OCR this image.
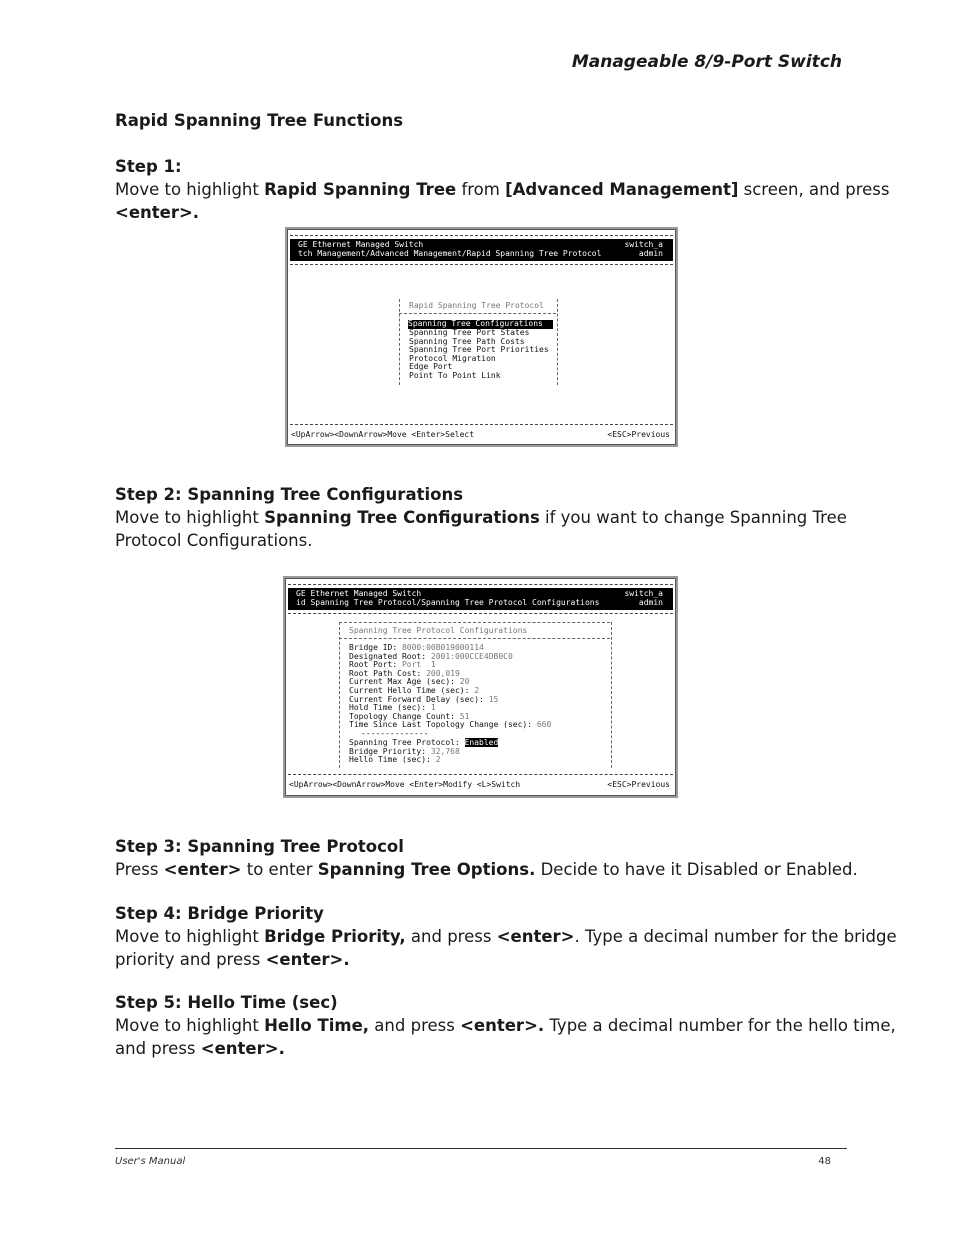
Manageable 8/9-Port Switch
Rapid Spanning Tree Functions
Step 1:
Move to highlight Rapid Spanning Tree from [Advanced Management] screen, and press <enter>.
GE Ethernet Managed Switch
tch Management/Advanced Management/Rapid Spanning Tree Protocol
switch_a
admin
Rapid Spanning Tree Protocol
Spanning Tree Configurations
Spanning Tree Port States
Spanning Tree Path Costs
Spanning Tree Port Priorities
Protocol Migration
Edge Port
Point To Point Link
<UpArrow><DownArrow>Move <Enter>Select	<ESC>Previous
Step 2: Spanning Tree Configurations
Move to highlight Spanning Tree Configurations if you want to change Spanning Tree Protocol Configurations.
GE Ethernet Managed Switch
id Spanning Tree Protocol/Spanning Tree Protocol Configurations
switch_a
admin
Spanning Tree Protocol Configurations
Bridge ID: 8000:00B019000114
Designated Root: 2001:000CCE4DB0C0
Root Port: Port  1
Root Path Cost: 200,019
Current Max Age (sec): 20
Current Hello Time (sec): 2
Current Forward Delay (sec): 15
Hold Time (sec): 1
Topology Change Count: 51
Time Since Last Topology Change (sec): 660
--------------
Spanning Tree Protocol: Enabled
Bridge Priority: 32,768
Hello Time (sec): 2
<UpArrow><DownArrow>Move <Enter>Modify <L>Switch	<ESC>Previous
Step 3: Spanning Tree Protocol
Press <enter> to enter Spanning Tree Options. Decide to have it Disabled or Enabled.
Step 4: Bridge Priority
Move to highlight Bridge Priority, and press <enter>. Type a decimal number for the bridge priority and press <enter>.
Step 5: Hello Time (sec)
Move to highlight Hello Time, and press <enter>. Type a decimal number for the hello time, and press <enter>.
User's Manual	48
